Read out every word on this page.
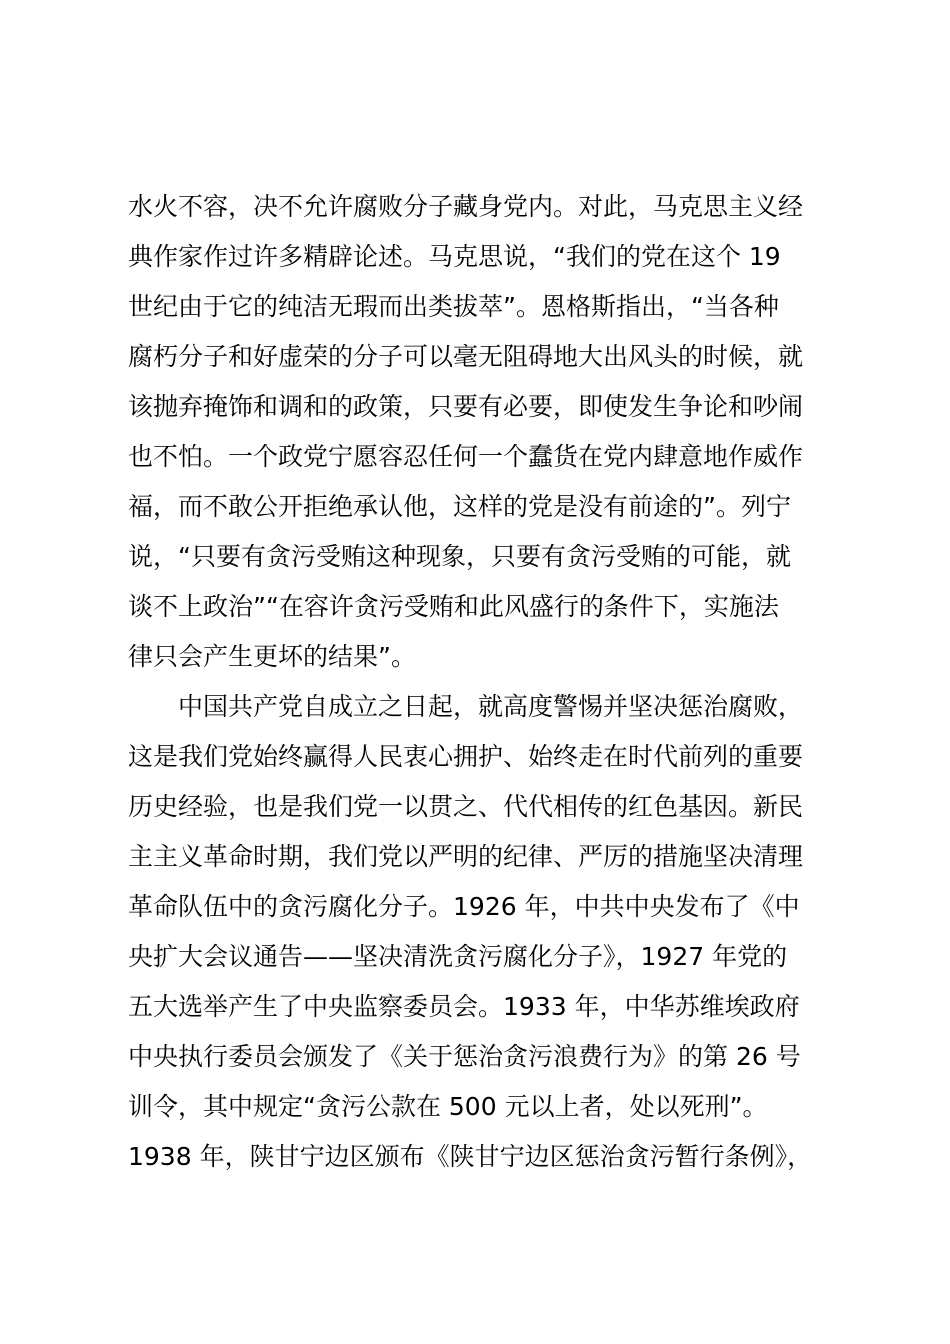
水火不容，决不允许腐败分子藏身党内。对此，马克思主义经
典作家作过许多精辟论述。马克思说，“我们的党在这个 19
世纪由于它的纯洁无瑕而出类拔萃”。恩格斯指出，“当各种
腐朽分子和好虚荣的分子可以毫无阻碍地大出风头的时候，就
该抛弃掩饰和调和的政策，只要有必要，即使发生争论和吵闹
也不怕。一个政党宁愿容忍任何一个蠢货在党内肆意地作威作
福，而不敢公开拒绝承认他，这样的党是没有前途的”。列宁
说，“只要有贪污受贿这种现象，只要有贪污受贿的可能，就
谈不上政治”“在容许贪污受贿和此风盛行的条件下，实施法
律只会产生更坏的结果”。
中国共产党自成立之日起，就高度警惕并坚决惩治腐败，
这是我们党始终赢得人民衷心拥护、始终走在时代前列的重要
历史经验，也是我们党一以贯之、代代相传的红色基因。新民
主主义革命时期，我们党以严明的纪律、严厉的措施坚决清理
革命队伍中的贪污腐化分子。1926 年，中共中央发布了《中
央扩大会议通告——坚决清洗贪污腐化分子》，1927 年党的
五大选举产生了中央监察委员会。1933 年，中华苏维埃政府
中央执行委员会颁发了《关于惩治贪污浪费行为》的第 26 号
训令，其中规定“贪污公款在 500 元以上者，处以死刑”。
1938 年，陕甘宁边区颁布《陕甘宁边区惩治贪污暂行条例》，
